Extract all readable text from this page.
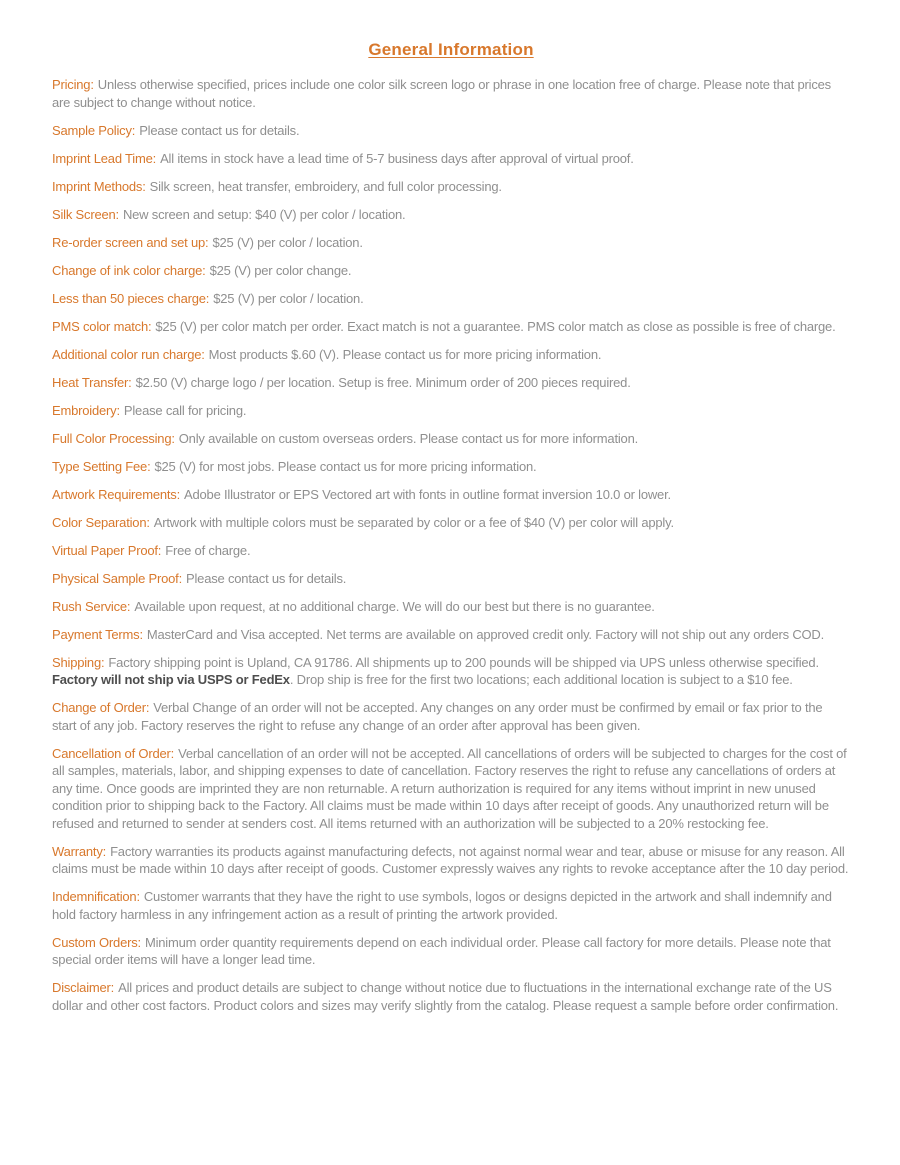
General Information

Pricing: Unless otherwise specified, prices include one color silk screen logo or phrase in one location free of charge. Please note that prices are subject to change without notice.

Sample Policy: Please contact us for details.

Imprint Lead Time: All items in stock have a lead time of 5-7 business days after approval of virtual proof.

Imprint Methods: Silk screen, heat transfer, embroidery, and full color processing.

Silk Screen: New screen and setup: $40 (V) per color / location.

Re-order screen and set up: $25 (V) per color / location.

Change of ink color charge: $25 (V) per color change.

Less than 50 pieces charge: $25 (V) per color / location.

PMS color match: $25 (V) per color match per order. Exact match is not a guarantee. PMS color match as close as possible is free of charge.

Additional color run charge: Most products $.60 (V). Please contact us for more pricing information.

Heat Transfer: $2.50 (V) charge logo / per location. Setup is free. Minimum order of 200 pieces required.

Embroidery: Please call for pricing.

Full Color Processing: Only available on custom overseas orders. Please contact us for more information.

Type Setting Fee: $25 (V) for most jobs. Please contact us for more pricing information.

Artwork Requirements: Adobe Illustrator or EPS Vectored art with fonts in outline format inversion 10.0 or lower.

Color Separation: Artwork with multiple colors must be separated by color or a fee of $40 (V) per color will apply.

Virtual Paper Proof: Free of charge.

Physical Sample Proof: Please contact us for details.

Rush Service: Available upon request, at no additional charge. We will do our best but there is no guarantee.

Payment Terms: MasterCard and Visa accepted. Net terms are available on approved credit only. Factory will not ship out any orders COD.

Shipping: Factory shipping point is Upland, CA 91786. All shipments up to 200 pounds will be shipped via UPS unless otherwise specified. Factory will not ship via USPS or FedEx. Drop ship is free for the first two locations; each additional location is subject to a $10 fee.

Change of Order: Verbal Change of an order will not be accepted. Any changes on any order must be confirmed by email or fax prior to the start of any job. Factory reserves the right to refuse any change of an order after approval has been given.

Cancellation of Order: Verbal cancellation of an order will not be accepted. All cancellations of orders will be subjected to charges for the cost of all samples, materials, labor, and shipping expenses to date of cancellation. Factory reserves the right to refuse any cancellations of orders at any time. Once goods are imprinted they are non returnable. A return authorization is required for any items without imprint in new unused condition prior to shipping back to the Factory. All claims must be made within 10 days after receipt of goods. Any unauthorized return will be refused and returned to sender at senders cost. All items returned with an authorization will be subjected to a 20% restocking fee.

Warranty: Factory warranties its products against manufacturing defects, not against normal wear and tear, abuse or misuse for any reason. All claims must be made within 10 days after receipt of goods. Customer expressly waives any rights to revoke acceptance after the 10 day period.

Indemnification: Customer warrants that they have the right to use symbols, logos or designs depicted in the artwork and shall indemnify and hold factory harmless in any infringement action as a result of printing the artwork provided.

Custom Orders: Minimum order quantity requirements depend on each individual order. Please call factory for more details. Please note that special order items will have a longer lead time.

Disclaimer: All prices and product details are subject to change without notice due to fluctuations in the international exchange rate of the US dollar and other cost factors. Product colors and sizes may verify slightly from the catalog. Please request a sample before order confirmation.
